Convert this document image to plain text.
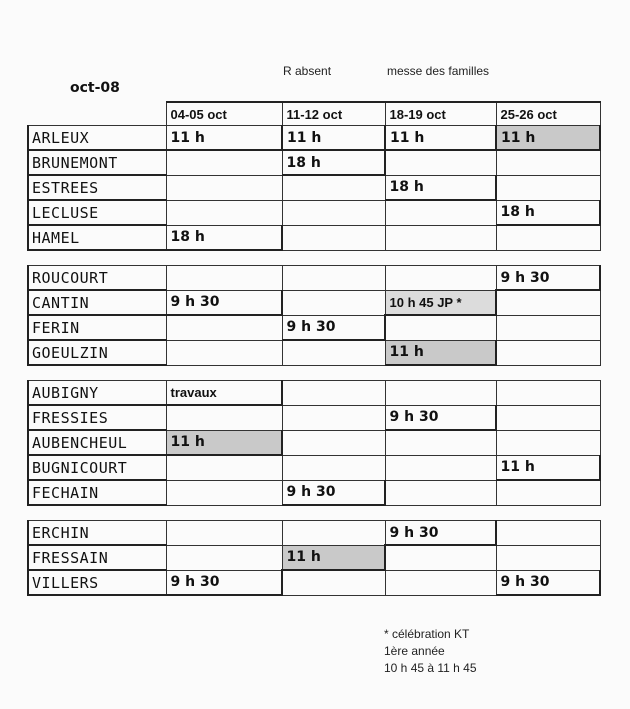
R absent	messe des familles
oct-08
	04-05 oct	11-12 oct	18-19 oct	25-26 oct
ARLEUX	11 h	11 h	11 h	11 h
BRUNEMONT		18 h		
ESTREES			18 h	
LECLUSE				18 h
HAMEL	18 h			

ROUCOURT				9 h 30
CANTIN	9 h 30		10 h 45 JP *	
FERIN		9 h 30		
GOEULZIN			11 h	

AUBIGNY	travaux			
FRESSIES			9 h 30	
AUBENCHEUL	11 h			
BUGNICOURT				11 h
FECHAIN		9 h 30		

ERCHIN			9 h 30	
FRESSAIN		11 h		
VILLERS	9 h 30			9 h 30
* célébration KT
1ère année
10 h 45 à 11 h 45
